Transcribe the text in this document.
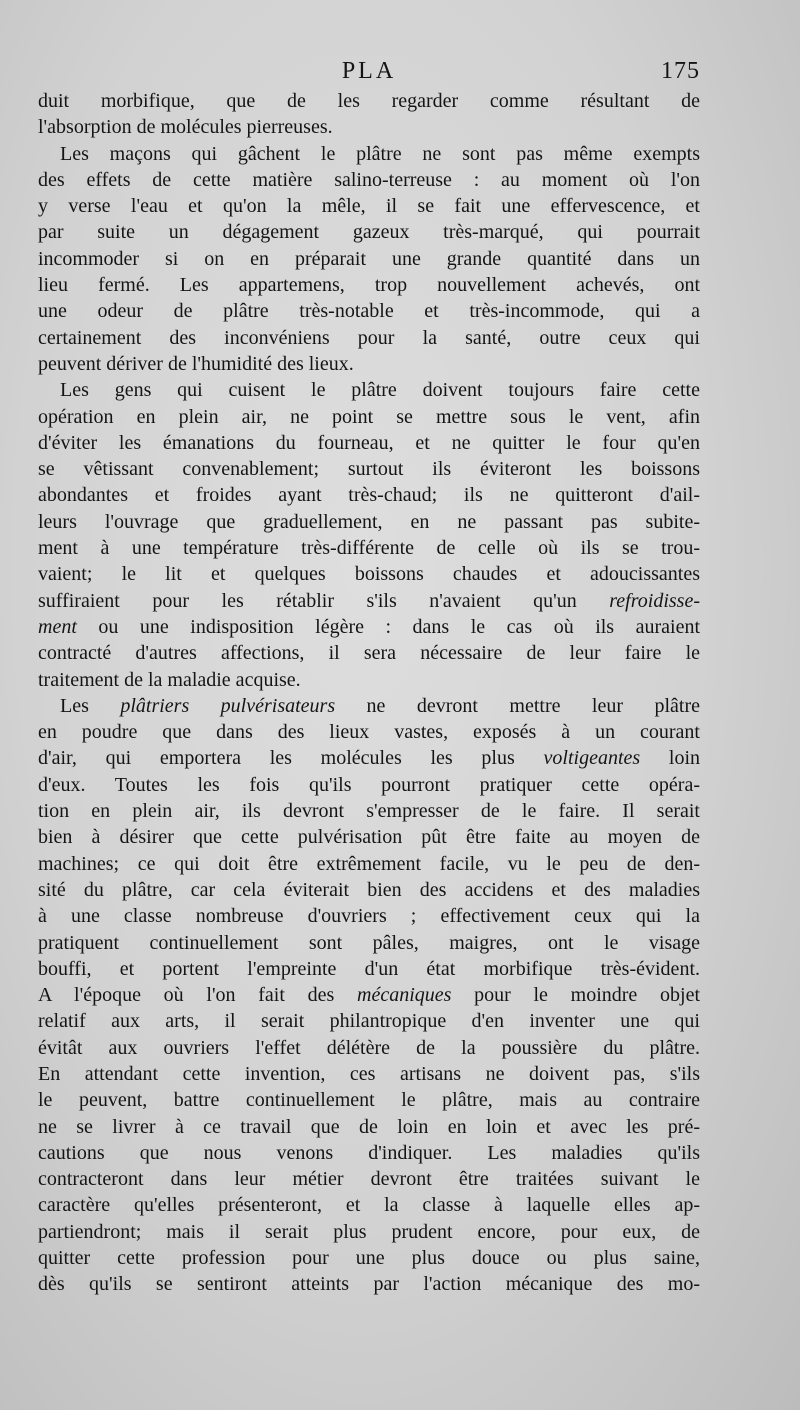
PLA	175
duit morbifique, que de les regarder comme résultant de
l'absorption de molécules pierreuses.
Les maçons qui gâchent le plâtre ne sont pas même exempts
des effets de cette matière salino-terreuse : au moment où l'on
y verse l'eau et qu'on la mêle, il se fait une effervescence, et
par suite un dégagement gazeux très-marqué, qui pourrait
incommoder si on en préparait une grande quantité dans un
lieu fermé. Les appartemens, trop nouvellement achevés, ont
une odeur de plâtre très-notable et très-incommode, qui a
certainement des inconvéniens pour la santé, outre ceux qui
peuvent dériver de l'humidité des lieux.
Les gens qui cuisent le plâtre doivent toujours faire cette
opération en plein air, ne point se mettre sous le vent, afin
d'éviter les émanations du fourneau, et ne quitter le four qu'en
se vêtissant convenablement; surtout ils éviteront les boissons
abondantes et froides ayant très-chaud; ils ne quitteront d'ail-
leurs l'ouvrage que graduellement, en ne passant pas subite-
ment à une température très-différente de celle où ils se trou-
vaient; le lit et quelques boissons chaudes et adoucissantes
suffiraient pour les rétablir s'ils n'avaient qu'un refroidisse-
ment ou une indisposition légère : dans le cas où ils auraient
contracté d'autres affections, il sera nécessaire de leur faire le
traitement de la maladie acquise.
Les plâtriers pulvérisateurs ne devront mettre leur plâtre
en poudre que dans des lieux vastes, exposés à un courant
d'air, qui emportera les molécules les plus voltigeantes loin
d'eux. Toutes les fois qu'ils pourront pratiquer cette opéra-
tion en plein air, ils devront s'empresser de le faire. Il serait
bien à désirer que cette pulvérisation pût être faite au moyen de
machines; ce qui doit être extrêmement facile, vu le peu de den-
sité du plâtre, car cela éviterait bien des accidens et des maladies
à une classe nombreuse d'ouvriers ; effectivement ceux qui la
pratiquent continuellement sont pâles, maigres, ont le visage
bouffi, et portent l'empreinte d'un état morbifique très-évident.
A l'époque où l'on fait des mécaniques pour le moindre objet
relatif aux arts, il serait philantropique d'en inventer une qui
évitât aux ouvriers l'effet délétère de la poussière du plâtre.
En attendant cette invention, ces artisans ne doivent pas, s'ils
le peuvent, battre continuellement le plâtre, mais au contraire
ne se livrer à ce travail que de loin en loin et avec les pré-
cautions que nous venons d'indiquer. Les maladies qu'ils
contracteront dans leur métier devront être traitées suivant le
caractère qu'elles présenteront, et la classe à laquelle elles ap-
partiendront; mais il serait plus prudent encore, pour eux, de
quitter cette profession pour une plus douce ou plus saine,
dès qu'ils se sentiront atteints par l'action mécanique des mo-
